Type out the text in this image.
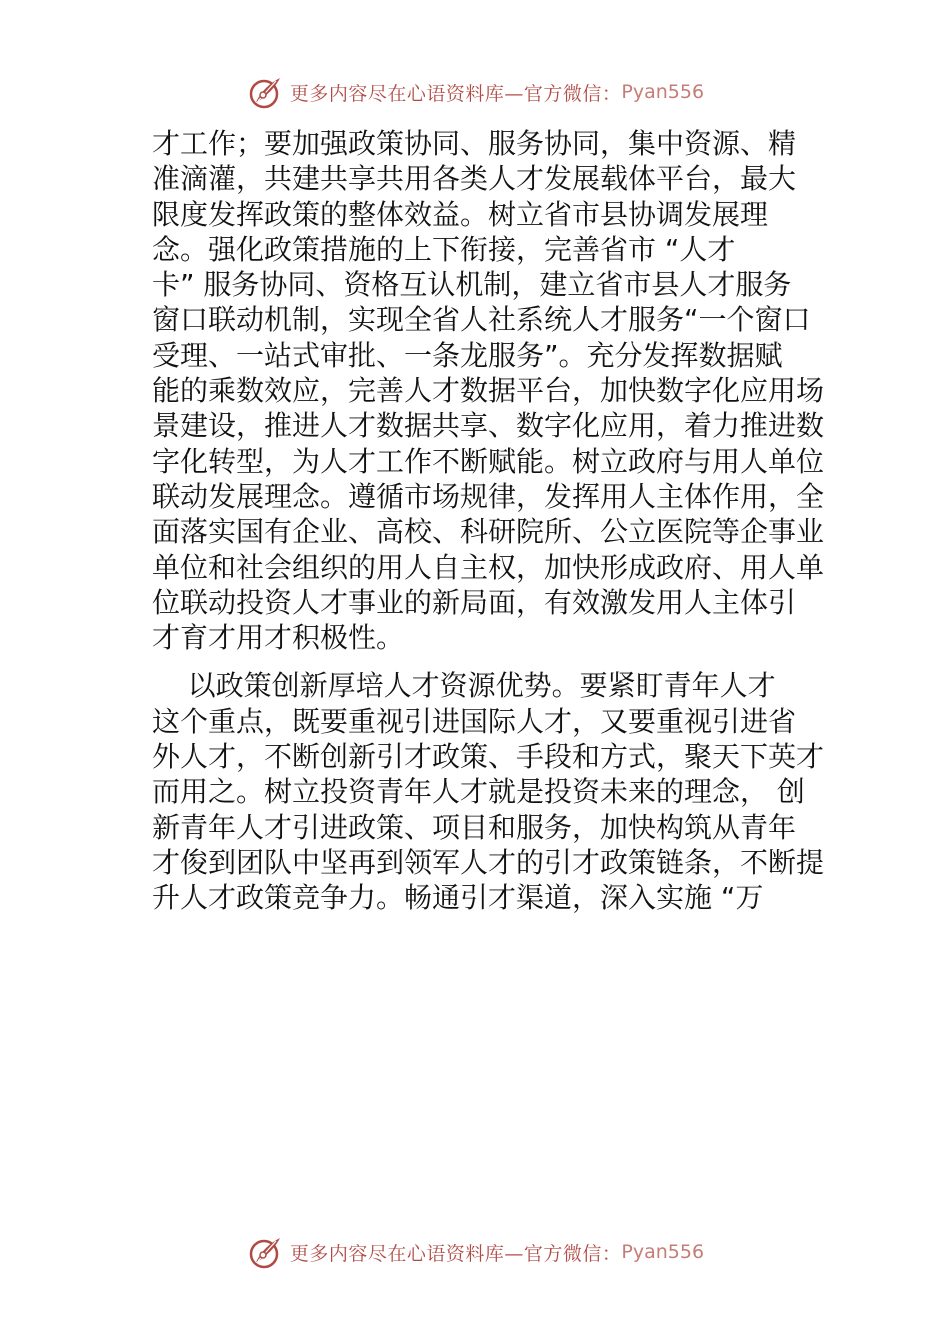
更多内容尽在心语资料库—官方微信： Pyan556
才工作；要加强政策协同、服务协同，集中资源、精
准滴灌，共建共享共用各类人才发展载体平台，最大
限度发挥政策的整体效益。树立省市县协调发展理
念。强化政策措施的上下衔接，完善省市 “人才
卡” 服务协同、资格互认机制，建立省市县人才服务
窗口联动机制，实现全省人社系统人才服务“一个窗口
受理、一站式审批、一条龙服务”。充分发挥数据赋
能的乘数效应，完善人才数据平台，加快数字化应用场
景建设，推进人才数据共享、数字化应用，着力推进数
字化转型，为人才工作不断赋能。树立政府与用人单位
联动发展理念。遵循市场规律，发挥用人主体作用，全
面落实国有企业、高校、科研院所、公立医院等企事业
单位和社会组织的用人自主权，加快形成政府、用人单
位联动投资人才事业的新局面，有效激发用人主体引
才育才用才积极性。
以政策创新厚培人才资源优势。要紧盯青年人才
这个重点，既要重视引进国际人才，又要重视引进省
外人才，不断创新引才政策、手段和方式，聚天下英才
而用之。树立投资青年人才就是投资未来的理念， 创
新青年人才引进政策、项目和服务，加快构筑从青年
才俊到团队中坚再到领军人才的引才政策链条，不断提
升人才政策竞争力。畅通引才渠道，深入实施 “万
更多内容尽在心语资料库—官方微信： Pyan556
